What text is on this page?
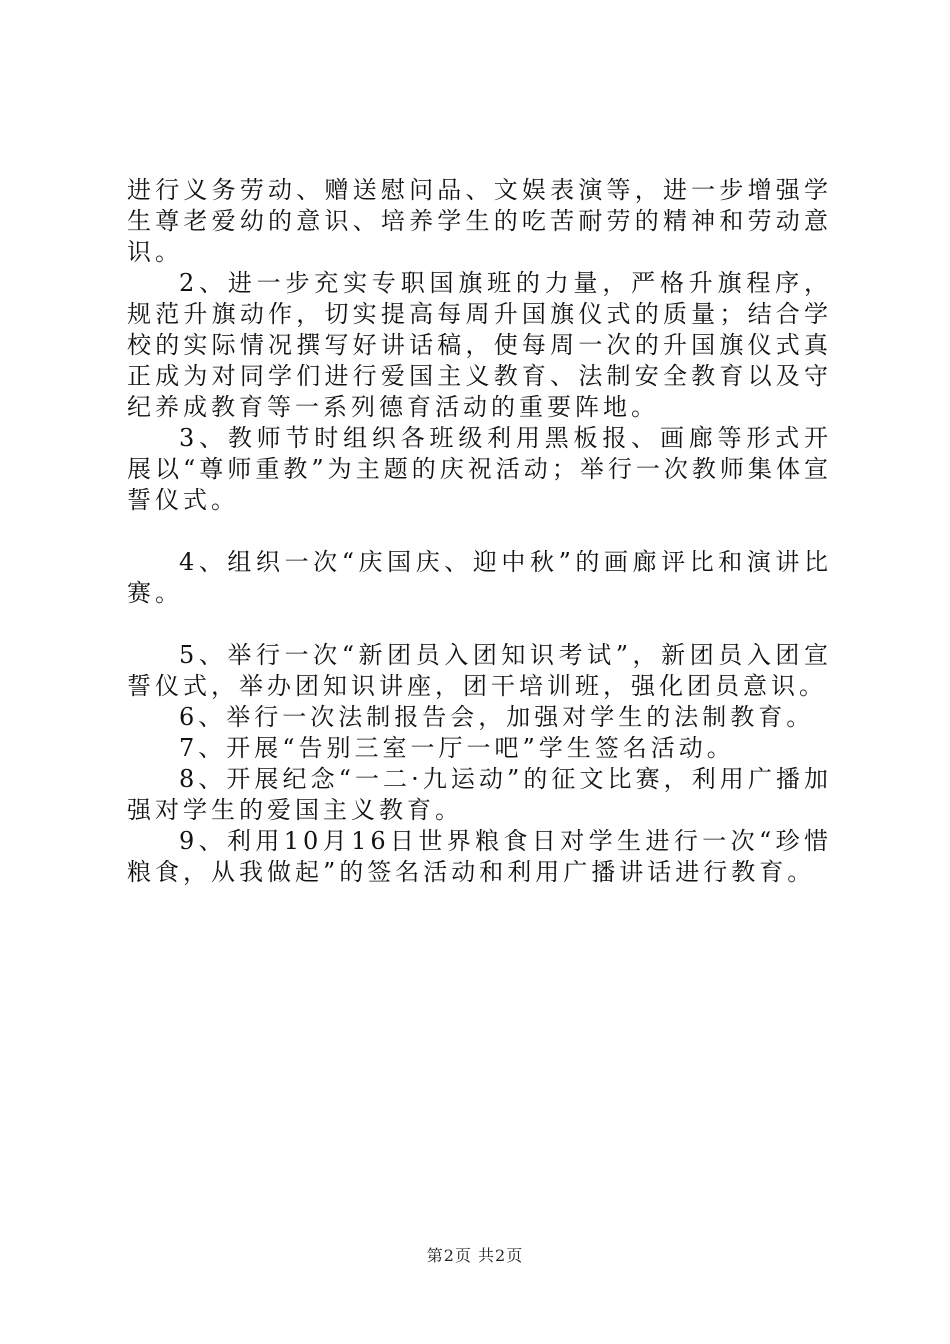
进行义务劳动、赠送慰问品、文娱表演等，进一步增强学生尊老爱幼的意识、培养学生的吃苦耐劳的精神和劳动意识。

2、进一步充实专职国旗班的力量，严格升旗程序，规范升旗动作，切实提高每周升国旗仪式的质量；结合学校的实际情况撰写好讲话稿，使每周一次的升国旗仪式真正成为对同学们进行爱国主义教育、法制安全教育以及守纪养成教育等一系列德育活动的重要阵地。

3、教师节时组织各班级利用黑板报、画廊等形式开展以“尊师重教”为主题的庆祝活动；举行一次教师集体宣誓仪式。

4、组织一次“庆国庆、迎中秋”的画廊评比和演讲比赛。

5、举行一次“新团员入团知识考试”，新团员入团宣誓仪式，举办团知识讲座，团干培训班，强化团员意识。

6、举行一次法制报告会，加强对学生的法制教育。

7、开展“告别三室一厅一吧”学生签名活动。

8、开展纪念“一二·九运动”的征文比赛，利用广播加强对学生的爱国主义教育。

9、利用10月16日世界粮食日对学生进行一次“珍惜粮食，从我做起”的签名活动和利用广播讲话进行教育。

第2页 共2页
